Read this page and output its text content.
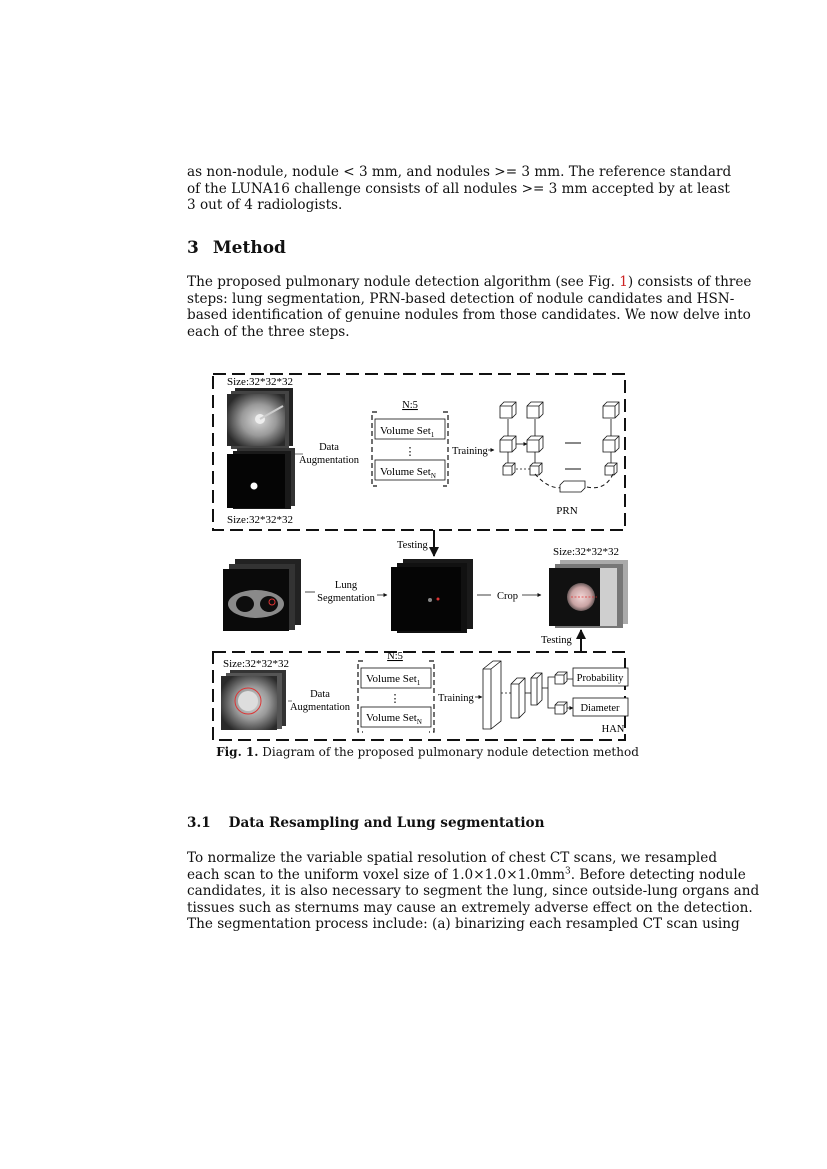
as non-nodule, nodule < 3 mm, and nodules >= 3 mm. The reference standard
of the LUNA16 challenge consists of all nodules >= 3 mm accepted by at least
3 out of 4 radiologists.
3 Method
The proposed pulmonary nodule detection algorithm (see Fig. 1) consists of three
steps: lung segmentation, PRN-based detection of nodule candidates and HSN-
based identification of genuine nodules from those candidates. We now delve into
each of the three steps.
Size:32*32*32
Size:32*32*32
Data
Augmentation
N:5
Volume Set$_1$
⋮
Volume Set$_N$
Training
PRN
Testing
Lung
Segmentation	Crop
Size:32*32*32
Testing
Size:32*32*32
Data
Augmentation
N:5
Volume Set$_1$
⋮
Volume Set$_N$
Training
Probability
Diameter
HAN

Fig. 1. Diagram of the proposed pulmonary nodule detection method

3.1 Data Resampling and Lung segmentation
To normalize the variable spatial resolution of chest CT scans, we resampled
each scan to the uniform voxel size of $1.0\times 1.0\times 1.0mm^3$. Before detecting nodule
candidates, it is also necessary to segment the lung, since outside-lung organs and
tissues such as sternums may cause an extremely adverse effect on the detection.
The segmentation process include: (a) binarizing each resampled CT scan using
